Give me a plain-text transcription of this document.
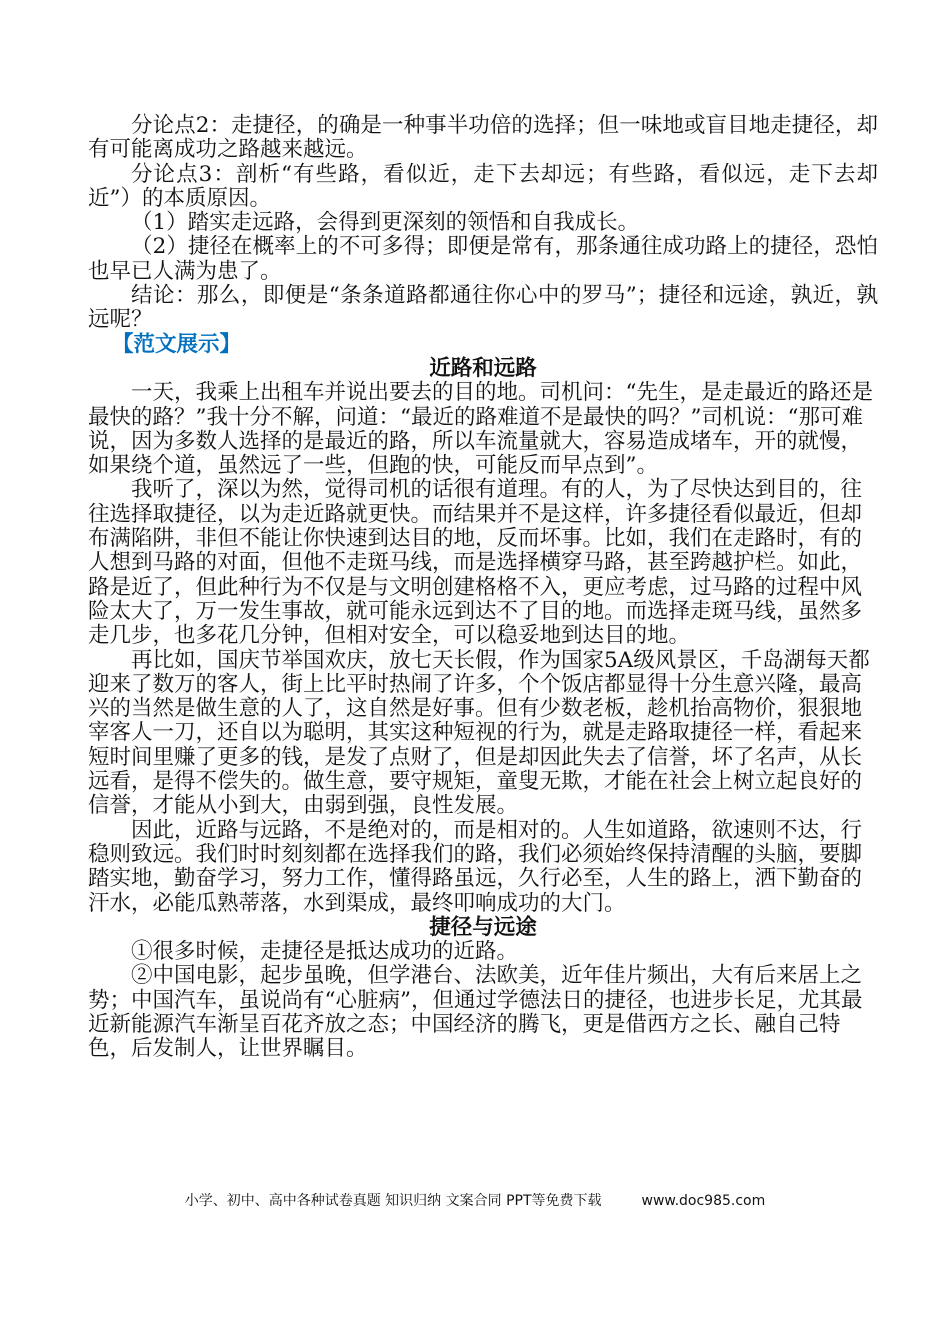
分论点2：走捷径，的确是一种事半功倍的选择；但一味地或盲目地走捷径，却有可能离成功之路越来越远。

分论点3：剖析“有些路，看似近，走下去却远；有些路，看似远，走下去却近”）的本质原因。

（1）踏实走远路，会得到更深刻的领悟和自我成长。

（2）捷径在概率上的不可多得；即便是常有，那条通往成功路上的捷径，恐怕也早已人满为患了。

结论：那么，即便是“条条道路都通往你心中的罗马”；捷径和远途，孰近，孰远呢？

【范文展示】
近路和远路

一天，我乘上出租车并说出要去的目的地。司机问：“先生，是走最近的路还是最快的路？”我十分不解，问道：“最近的路难道不是最快的吗？”司机说：“那可难说，因为多数人选择的是最近的路，所以车流量就大，容易造成堵车，开的就慢，如果绕个道，虽然远了一些，但跑的快，可能反而早点到”。

我听了，深以为然，觉得司机的话很有道理。有的人，为了尽快达到目的，往往选择取捷径，以为走近路就更快。而结果并不是这样，许多捷径看似最近，但却布满陷阱，非但不能让你快速到达目的地，反而坏事。比如，我们在走路时，有的人想到马路的对面，但他不走斑马线，而是选择横穿马路，甚至跨越护栏。如此，路是近了，但此种行为不仅是与文明创建格格不入，更应考虑，过马路的过程中风险太大了，万一发生事故，就可能永远到达不了目的地。而选择走斑马线，虽然多走几步，也多花几分钟，但相对安全，可以稳妥地到达目的地。

再比如，国庆节举国欢庆，放七天长假，作为国家5A级风景区，千岛湖每天都迎来了数万的客人，街上比平时热闹了许多，个个饭店都显得十分生意兴隆，最高兴的当然是做生意的人了，这自然是好事。但有少数老板，趁机抬高物价，狠狠地宰客人一刀，还自以为聪明，其实这种短视的行为，就是走路取捷径一样，看起来短时间里赚了更多的钱，是发了点财了，但是却因此失去了信誉，坏了名声，从长远看，是得不偿失的。做生意，要守规矩，童叟无欺，才能在社会上树立起良好的信誉，才能从小到大，由弱到强，良性发展。

因此，近路与远路，不是绝对的，而是相对的。人生如道路，欲速则不达，行稳则致远。我们时时刻刻都在选择我们的路，我们必须始终保持清醒的头脑，要脚踏实地，勤奋学习，努力工作，懂得路虽远，久行必至，人生的路上，洒下勤奋的汗水，必能瓜熟蒂落，水到渠成，最终叩响成功的大门。

捷径与远途

①很多时候，走捷径是抵达成功的近路。

②中国电影，起步虽晚，但学港台、法欧美，近年佳片频出，大有后来居上之势；中国汽车，虽说尚有“心脏病”，但通过学德法日的捷径，也进步长足，尤其最近新能源汽车渐呈百花齐放之态；中国经济的腾飞，更是借西方之长、融自己特色，后发制人，让世界瞩目。

小学、初中、高中各种试卷真题 知识归纳 文案合同 PPT等免费下载	www.doc985.com
